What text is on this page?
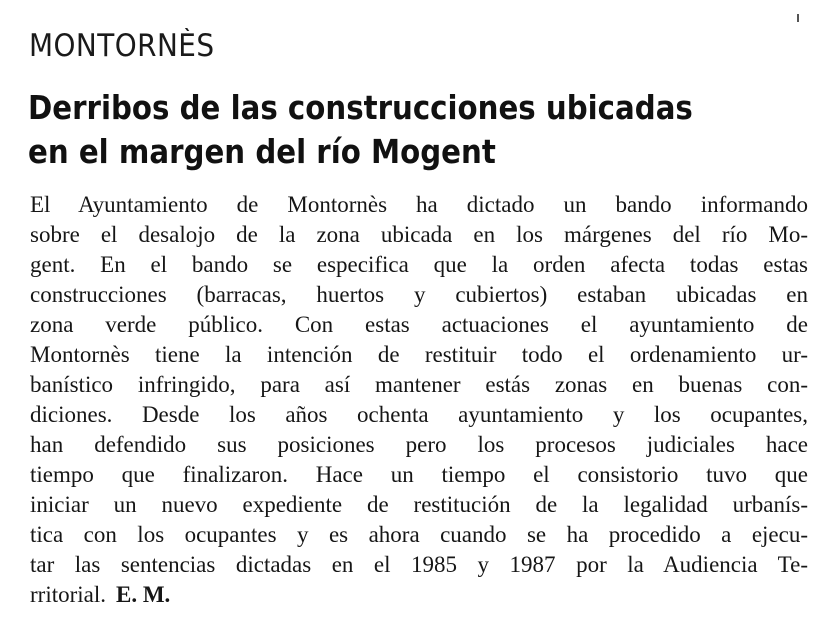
MONTORNÈS
Derribos de las construcciones ubicadas
en el margen del río Mogent
El Ayuntamiento de Montornès ha dictado un bando informando
sobre el desalojo de la zona ubicada en los márgenes del río Mo-
gent. En el bando se especifica que la orden afecta todas estas
construcciones (barracas, huertos y cubiertos) estaban ubicadas en
zona verde público. Con estas actuaciones el ayuntamiento de
Montornès tiene la intención de restituir todo el ordenamiento ur-
banístico infringido, para así mantener estás zonas en buenas con-
diciones. Desde los años ochenta ayuntamiento y los ocupantes,
han defendido sus posiciones pero los procesos judiciales hace
tiempo que finalizaron. Hace un tiempo el consistorio tuvo que
iniciar un nuevo expediente de restitución de la legalidad urbanís-
tica con los ocupantes y es ahora cuando se ha procedido a ejecu-
tar las sentencias dictadas en el 1985 y 1987 por la Audiencia Te-
rritorial. E. M.
